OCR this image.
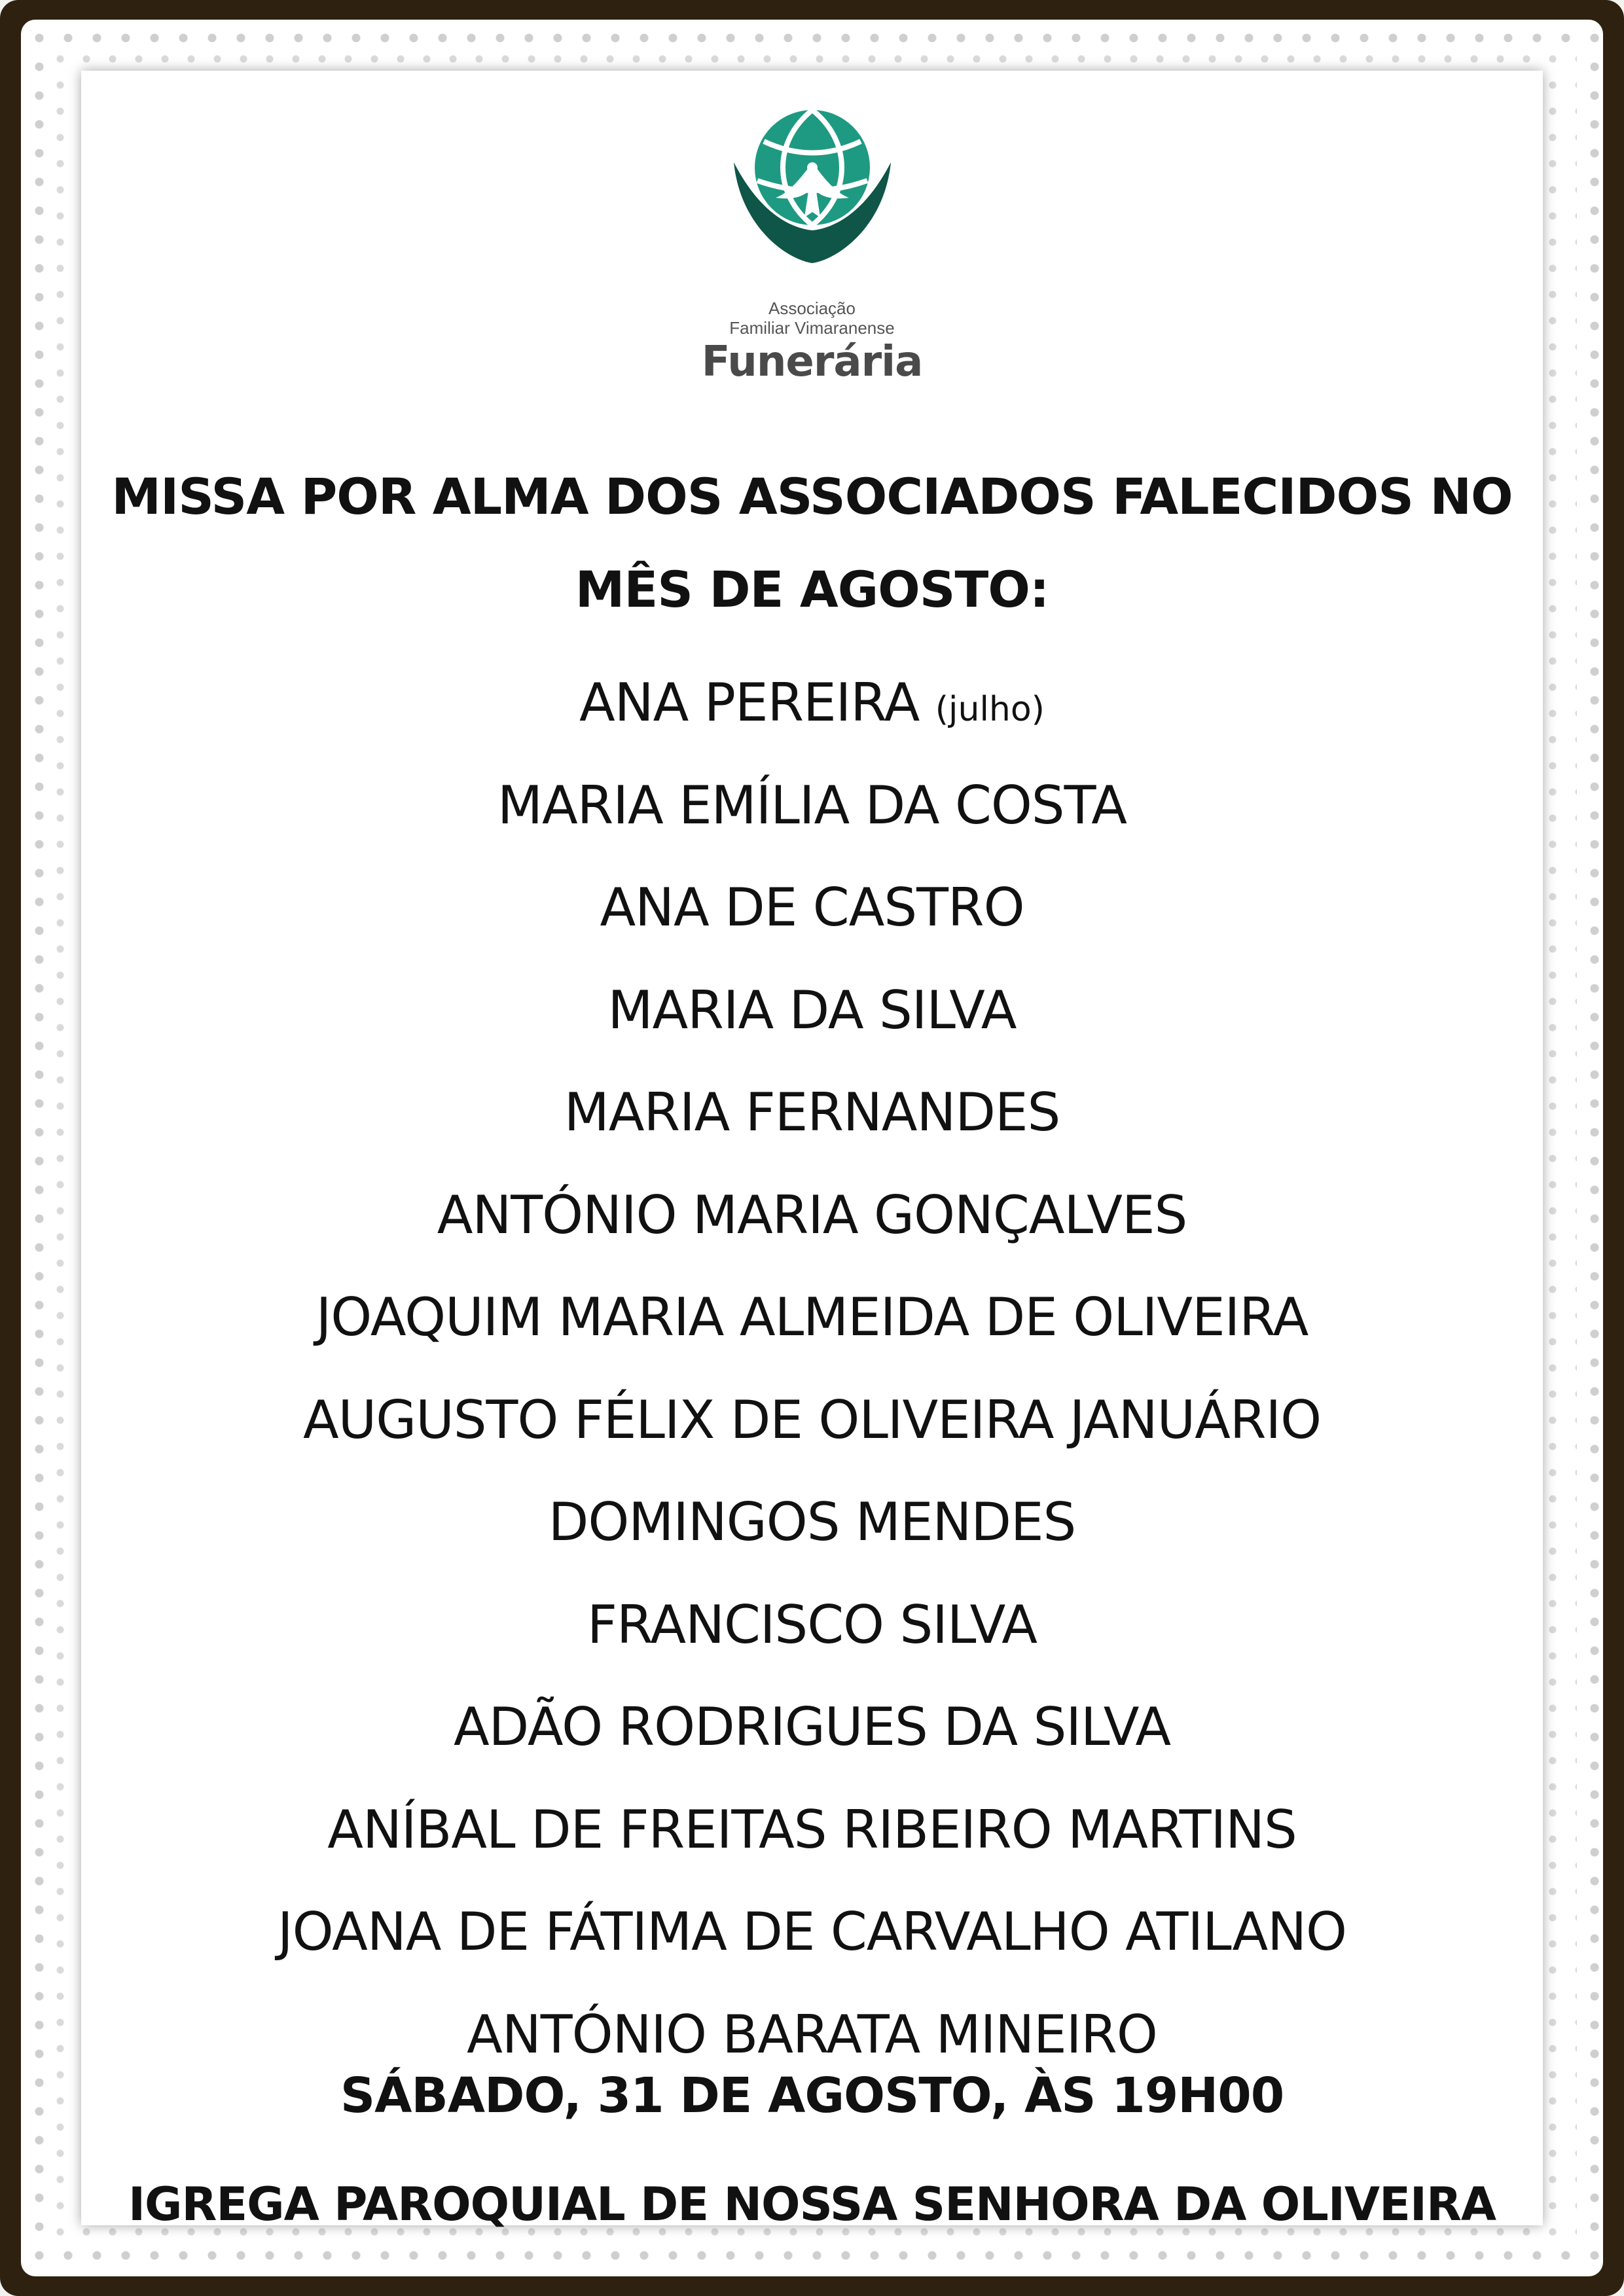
Associação
Familiar Vimaranense
Funerária
MISSA POR ALMA DOS ASSOCIADOS FALECIDOS NO
MÊS DE AGOSTO:
ANA PEREIRA (julho)
MARIA EMÍLIA DA COSTA
ANA DE CASTRO
MARIA DA SILVA
MARIA FERNANDES
ANTÓNIO MARIA GONÇALVES
JOAQUIM MARIA ALMEIDA DE OLIVEIRA
AUGUSTO FÉLIX DE OLIVEIRA JANUÁRIO
DOMINGOS MENDES
FRANCISCO SILVA
ADÃO RODRIGUES DA SILVA
ANÍBAL DE FREITAS RIBEIRO MARTINS
JOANA DE FÁTIMA DE CARVALHO ATILANO
ANTÓNIO BARATA MINEIRO
SÁBADO, 31 DE AGOSTO, ÀS 19H00
IGREGA PAROQUIAL DE NOSSA SENHORA DA OLIVEIRA
